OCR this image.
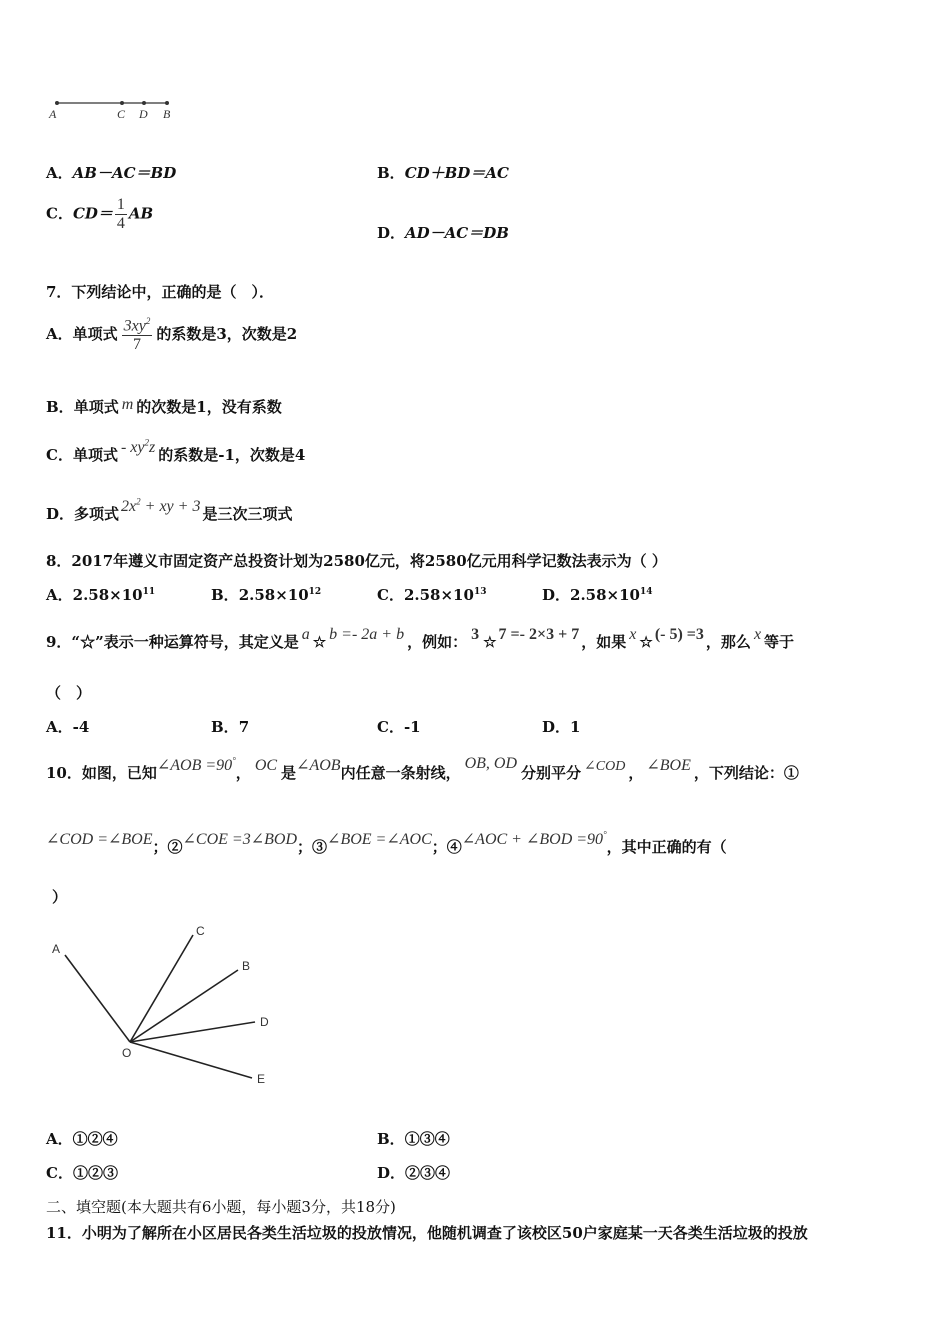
A	C D B
A．AB－AC＝BD	B．CD＋BD＝AC
C．$CD= \frac{1}{4}$ AB
D．AD－AC＝DB
7．下列结论中，正确的是（　）．
A．单项式 $\frac{3xy^2}{7}$ 的系数是3，次数是2
B．单项式 m 的次数是1，没有系数
C．单项式 - $xy^2z$ 的系数是-1，次数是4
D．多项式 $2x^2$ + xy + 3 是三次三项式
8．2017年遵义市固定资产总投资计划为2580亿元，将2580亿元用科学记数法表示为（ ）
A．$2.58\times 10^{11}$	B．$2.58\times 10^{12}$	C．$2.58\times 10^{13}$	D．$2.58\times 10^{14}$
9．“☆”表示一种运算符号，其定义是 a ☆ b =- 2a + b ，例如： 3 ☆ 7 =- 2×3 + 7 ，如果 x ☆ (- 5) =3 ，那么 x 等于
（　）
A．-4	B．7	C．-1	D．1
10．如图，已知∠AOB =90°， OC 是∠AOB内任意一条射线，OB, OD分别平分 ∠COD ， ∠BOE ，下列结论：①
∠COD =∠BOE；②∠COE =3∠BOD；③∠BOE =∠AOC；④∠AOC + ∠BOD =90°，其中正确的有（
）
A
C
B
D
E
O
A．①②④	B．①③④
C．①②③	D．②③④
二、填空题(本大题共有6小题，每小题3分，共18分)
11．小明为了解所在小区居民各类生活垃圾的投放情况，他随机调查了该校区50户家庭某一天各类生活垃圾的投放
